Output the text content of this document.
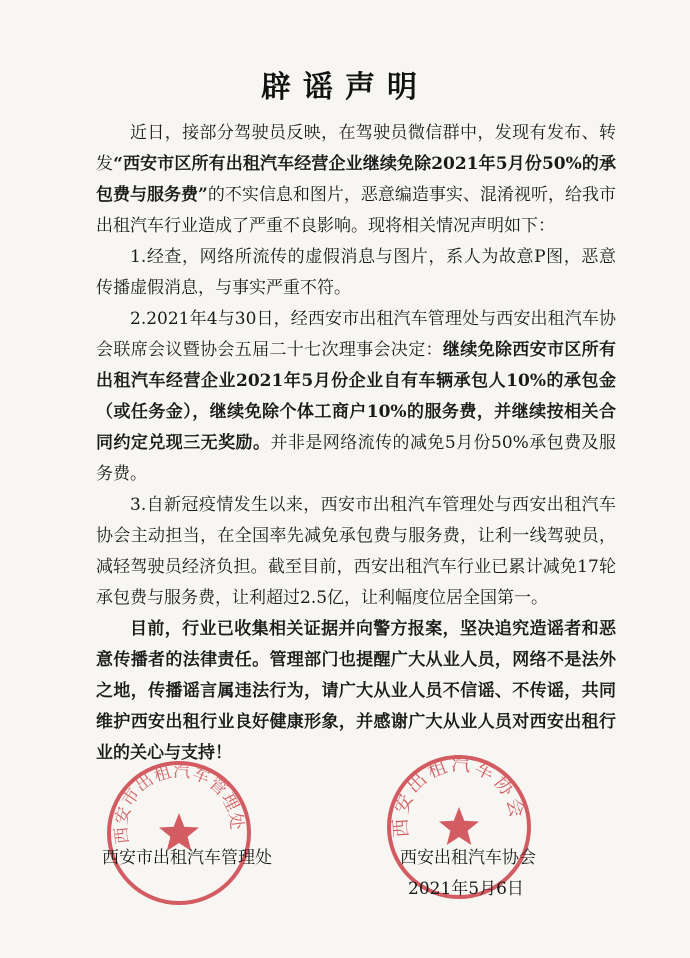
辟谣声明

近日，接部分驾驶员反映，在驾驶员微信群中，发现有发布、转发“西安市区所有出租汽车经营企业继续免除2021年5月份50%的承包费与服务费”的不实信息和图片，恶意编造事实、混淆视听，给我市出租汽车行业造成了严重不良影响。现将相关情况声明如下：

1.经查，网络所流传的虚假消息与图片，系人为故意P图，恶意传播虚假消息，与事实严重不符。

2.2021年4与30日，经西安市出租汽车管理处与西安出租汽车协会联席会议暨协会五届二十七次理事会决定：继续免除西安市区所有出租汽车经营企业2021年5月份企业自有车辆承包人10%的承包金（或任务金），继续免除个体工商户10%的服务费，并继续按相关合同约定兑现三无奖励。并非是网络流传的减免5月份50%承包费及服务费。

3.自新冠疫情发生以来，西安市出租汽车管理处与西安出租汽车协会主动担当，在全国率先减免承包费与服务费，让利一线驾驶员，减轻驾驶员经济负担。截至目前，西安出租汽车行业已累计减免17轮承包费与服务费，让利超过2.5亿，让利幅度位居全国第一。

目前，行业已收集相关证据并向警方报案，坚决追究造谣者和恶意传播者的法律责任。管理部门也提醒广大从业人员，网络不是法外之地，传播谣言属违法行为，请广大从业人员不信谣、不传谣，共同维护西安出租行业良好健康形象，并感谢广大从业人员对西安出租行业的关心与支持！

西安市出租汽车管理处	西安出租汽车协会
西安市出租汽车管理处	西安出租汽车协会
2021年5月6日
